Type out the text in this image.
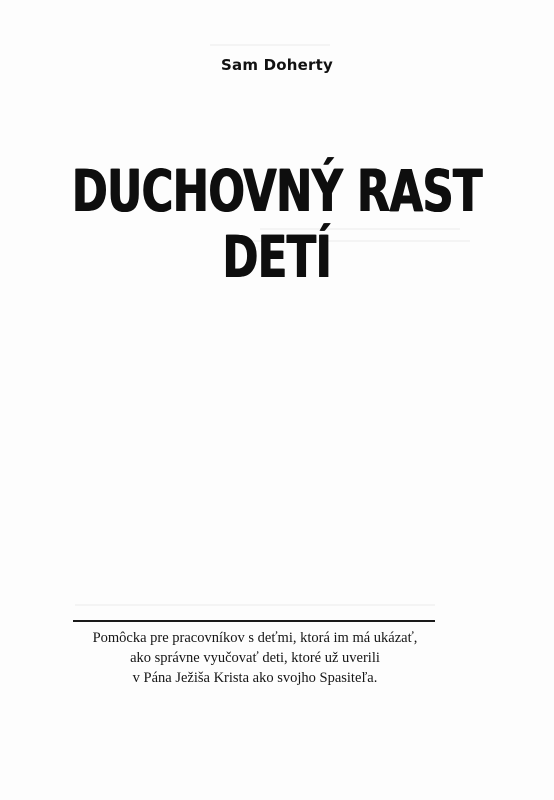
Sam Doherty
DUCHOVNÝ RAST
DETÍ
Pomôcka pre pracovníkov s deťmi, ktorá im má ukázať,
ako správne vyučovať deti, ktoré už uverili
v Pána Ježiša Krista ako svojho Spasiteľa.
